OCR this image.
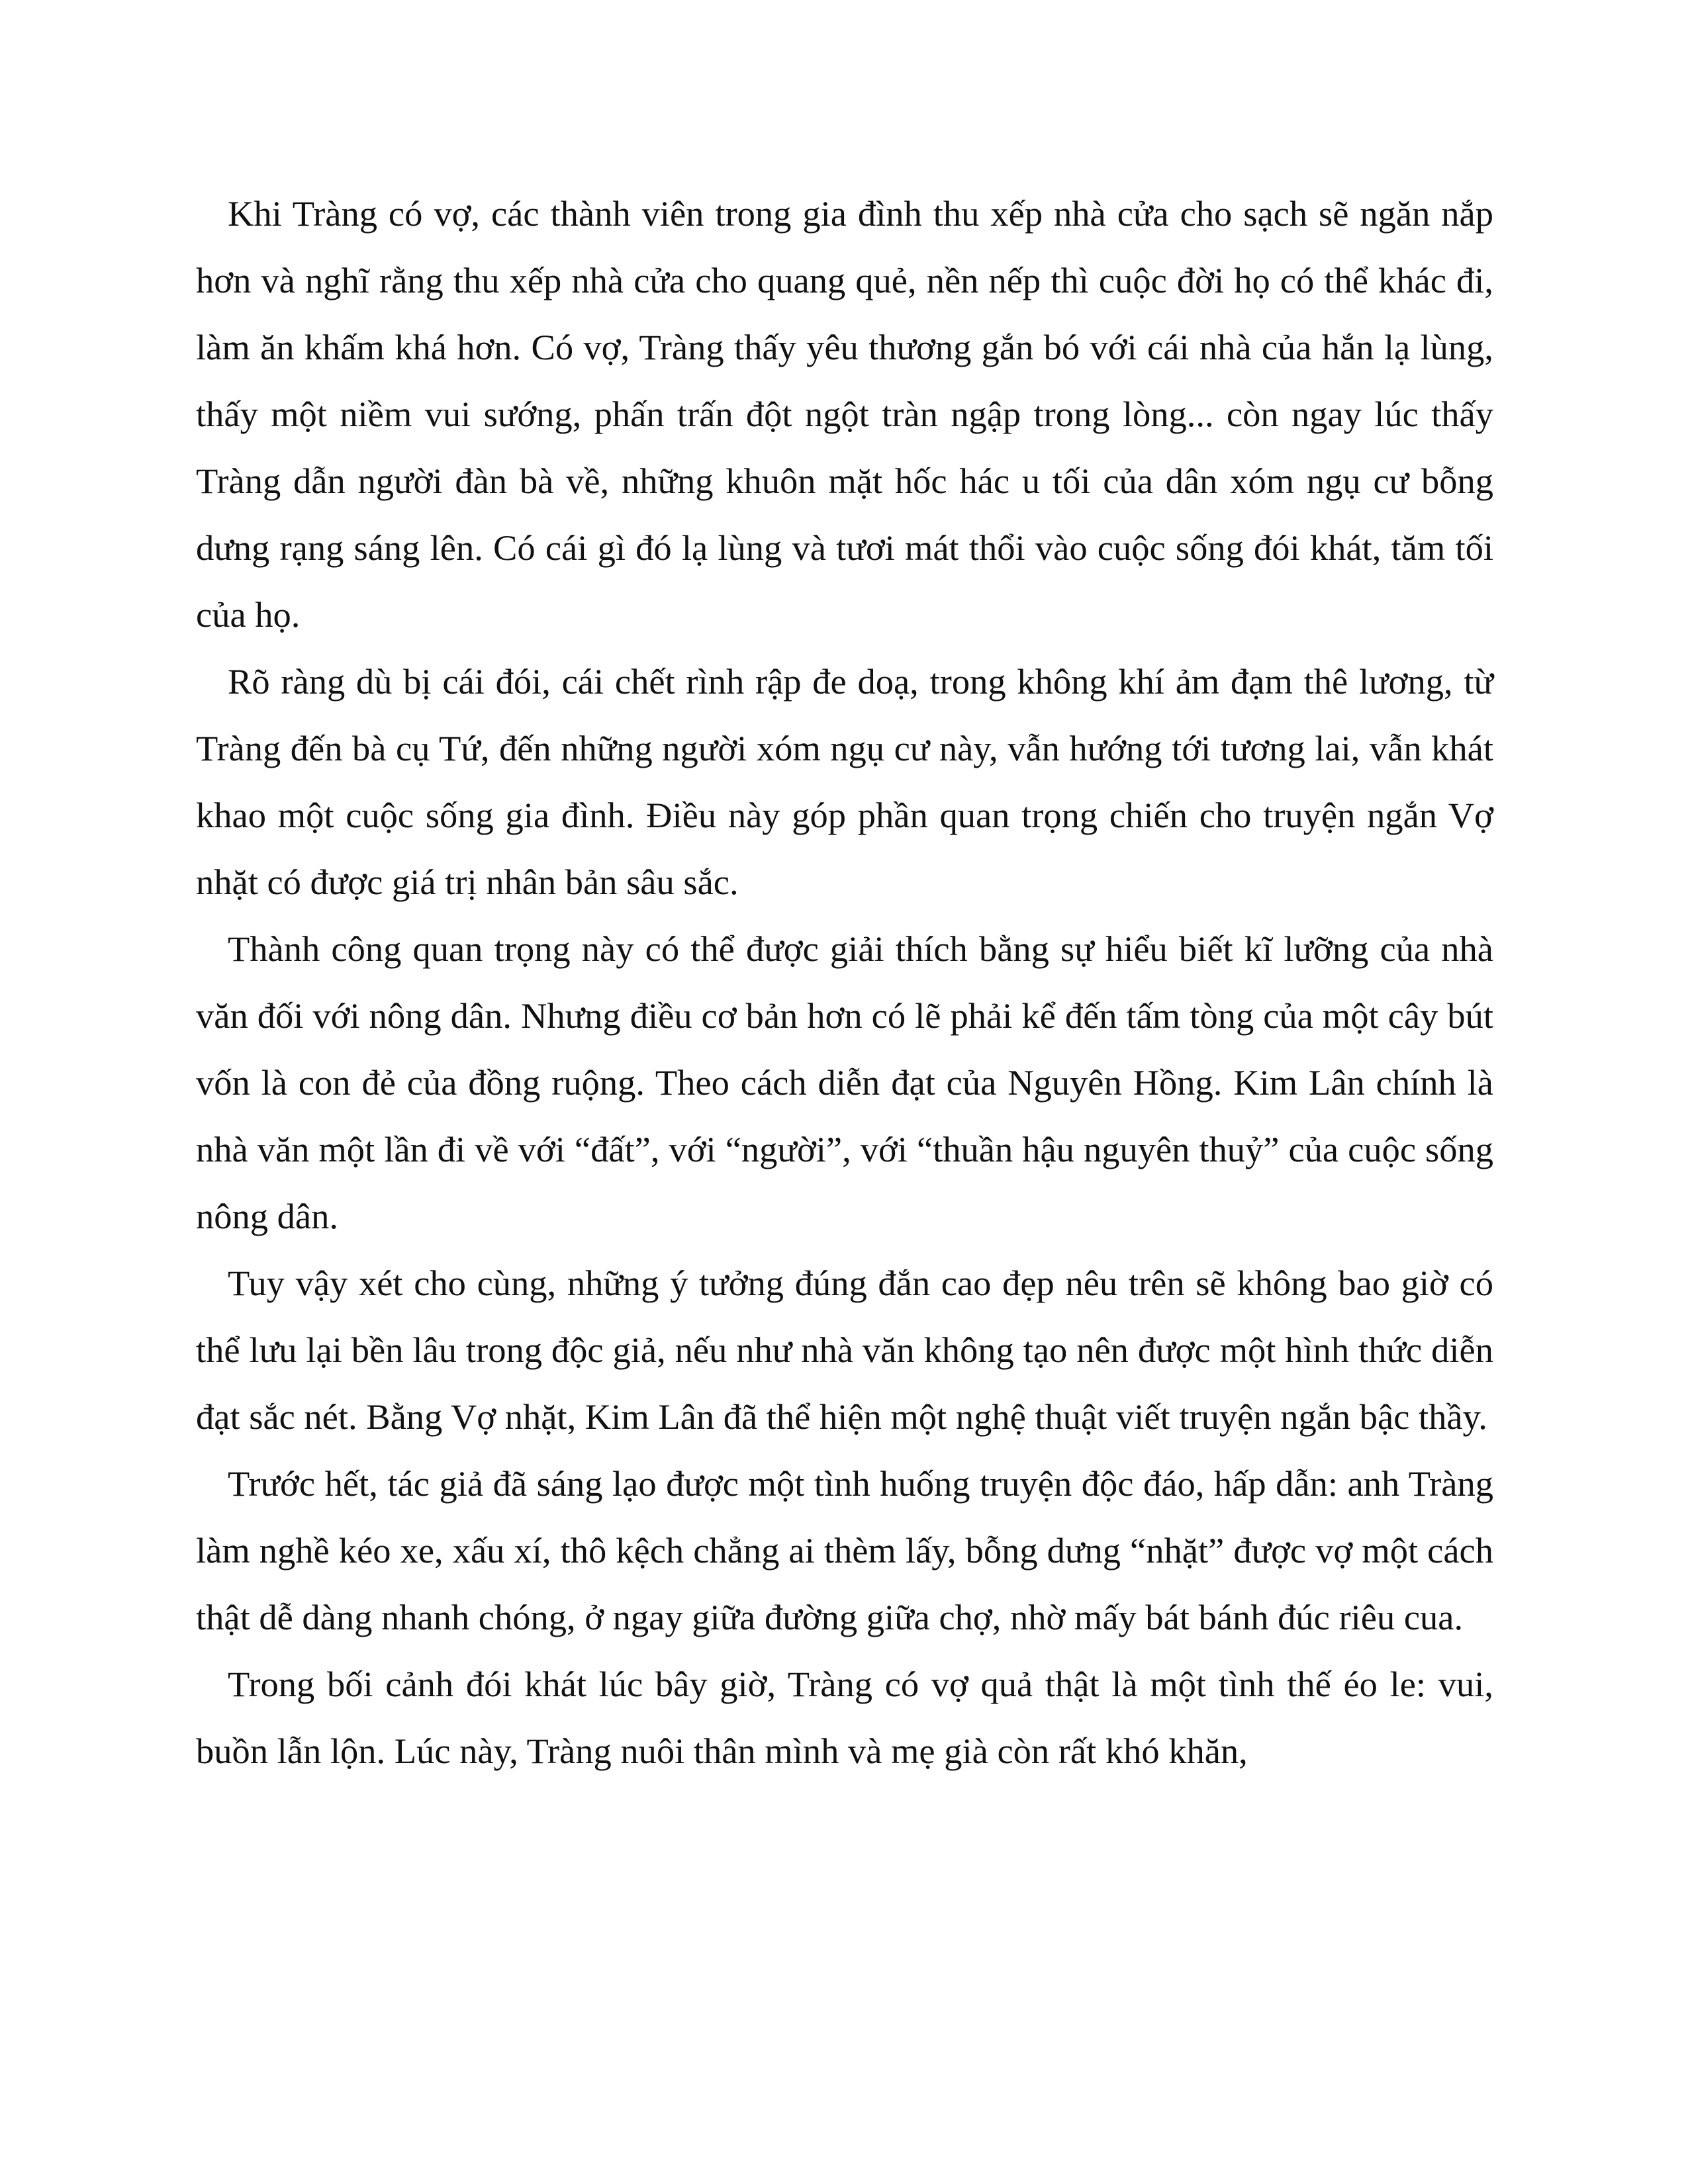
Khi Tràng có vợ, các thành viên trong gia đình thu xếp nhà cửa cho sạch sẽ ngăn nắp hơn và nghĩ rằng thu xếp nhà cửa cho quang quẻ, nền nếp thì cuộc đời họ có thể khác đi, làm ăn khấm khá hơn. Có vợ, Tràng thấy yêu thương gắn bó với cái nhà của hắn lạ lùng, thấy một niềm vui sướng, phấn trấn đột ngột tràn ngập trong lòng... còn ngay lúc thấy Tràng dẫn người đàn bà về, những khuôn mặt hốc hác u tối của dân xóm ngụ cư bỗng dưng rạng sáng lên. Có cái gì đó lạ lùng và tươi mát thổi vào cuộc sống đói khát, tăm tối của họ.

Rõ ràng dù bị cái đói, cái chết rình rập đe doạ, trong không khí ảm đạm thê lương, từ Tràng đến bà cụ Tứ, đến những người xóm ngụ cư này, vẫn hướng tới tương lai, vẫn khát khao một cuộc sống gia đình. Điều này góp phần quan trọng chiến cho truyện ngắn Vợ nhặt có được giá trị nhân bản sâu sắc.

Thành công quan trọng này có thể được giải thích bằng sự hiểu biết kĩ lưỡng của nhà văn đối với nông dân. Nhưng điều cơ bản hơn có lẽ phải kể đến tấm tòng của một cây bút vốn là con đẻ của đồng ruộng. Theo cách diễn đạt của Nguyên Hồng. Kim Lân chính là nhà văn một lần đi về với “đất”, với “người”, với “thuần hậu nguyên thuỷ” của cuộc sống nông dân.

Tuy vậy xét cho cùng, những ý tưởng đúng đắn cao đẹp nêu trên sẽ không bao giờ có thể lưu lại bền lâu trong độc giả, nếu như nhà văn không tạo nên được một hình thức diễn đạt sắc nét. Bằng Vợ nhặt, Kim Lân đã thể hiện một nghệ thuật viết truyện ngắn bậc thầy.

Trước hết, tác giả đã sáng lạo được một tình huống truyện độc đáo, hấp dẫn: anh Tràng làm nghề kéo xe, xấu xí, thô kệch chẳng ai thèm lấy, bỗng dưng “nhặt” được vợ một cách thật dễ dàng nhanh chóng, ở ngay giữa đường giữa chợ, nhờ mấy bát bánh đúc riêu cua.

Trong bối cảnh đói khát lúc bây giờ, Tràng có vợ quả thật là một tình thế éo le: vui, buồn lẫn lộn. Lúc này, Tràng nuôi thân mình và mẹ già còn rất khó khăn,
